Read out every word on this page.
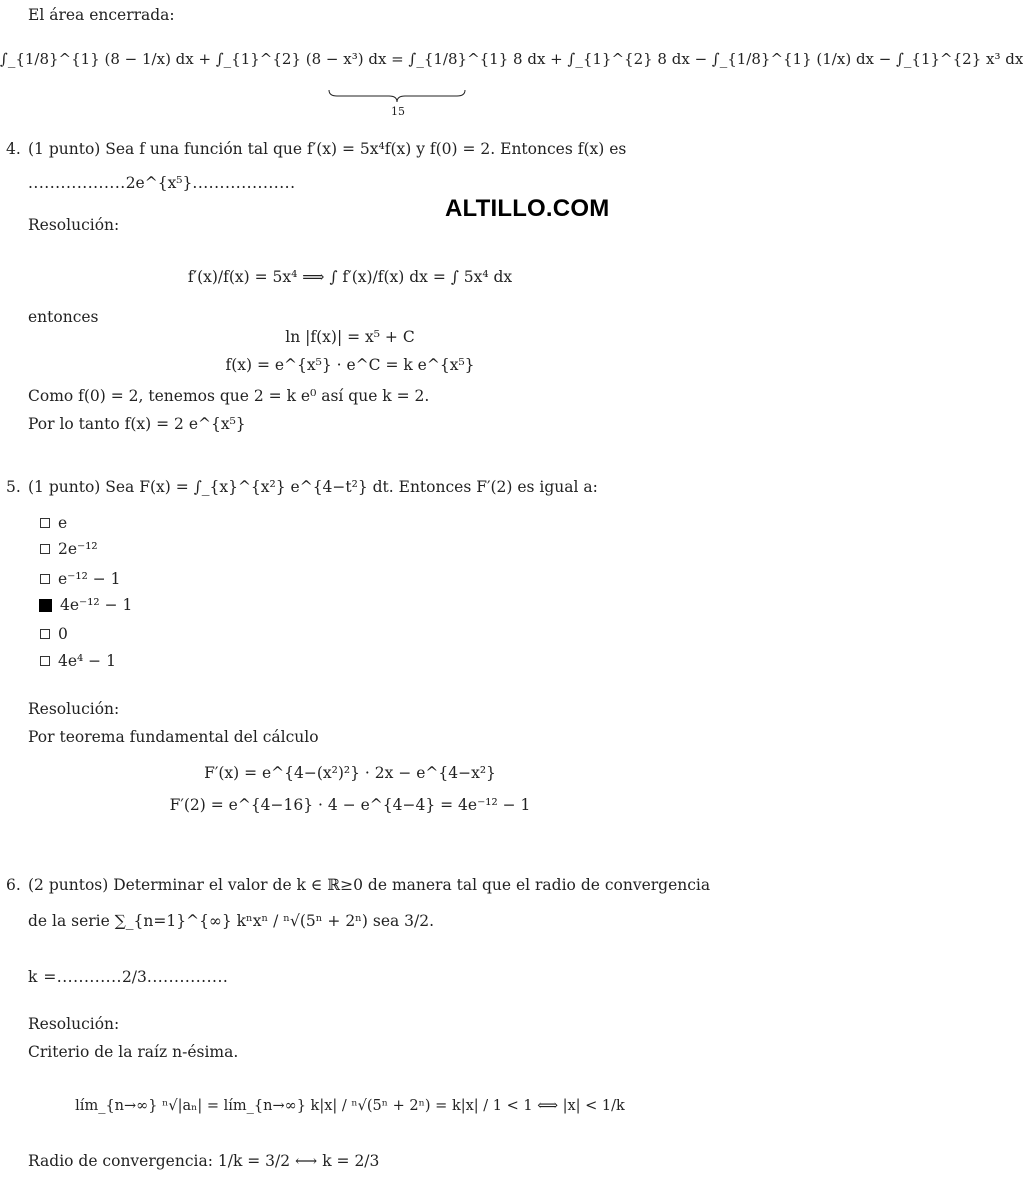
El área encerrada:
∫_{1/8}^{1} (8 − 1/x) dx + ∫_{1}^{2} (8 − x³) dx = ∫_{1/8}^{1} 8 dx + ∫_{1}^{2} 8 dx − ∫_{1/8}^{1} (1/x) dx − ∫_{1}^{2} x³ dx
15
4. (1 punto) Sea f una función tal que f′(x) = 5x⁴f(x) y f(0) = 2. Entonces f(x) es
..................2e^{x⁵}...................
ALTILLO.COM
Resolución:
f′(x)/f(x) = 5x⁴ ⟹ ∫ f′(x)/f(x) dx = ∫ 5x⁴ dx
entonces
ln |f(x)| = x⁵ + C
f(x) = e^{x⁵} · e^C = k e^{x⁵}
Como f(0) = 2, tenemos que 2 = k e⁰ así que k = 2.
Por lo tanto f(x) = 2 e^{x⁵}
5. (1 punto) Sea F(x) = ∫_{x}^{x²} e^{4−t²} dt. Entonces F′(2) es igual a:
e
2e⁻¹²
e⁻¹² − 1
4e⁻¹² − 1
0
4e⁴ − 1
Resolución:
Por teorema fundamental del cálculo
F′(x) = e^{4−(x²)²} · 2x − e^{4−x²}
F′(2) = e^{4−16} · 4 − e^{4−4} = 4e⁻¹² − 1
6. (2 puntos) Determinar el valor de k ∈ ℝ≥0 de manera tal que el radio de convergencia
de la serie ∑_{n=1}^{∞} kⁿxⁿ / ⁿ√(5ⁿ + 2ⁿ) sea 3/2.
k =............2/3...............
Resolución:
Criterio de la raíz n-ésima.
lím_{n→∞} ⁿ√|aₙ| = lím_{n→∞} k|x| / ⁿ√(5ⁿ + 2ⁿ) = k|x| / 1 < 1 ⟺ |x| < 1/k
Radio de convergencia: 1/k = 3/2 ⟷ k = 2/3
